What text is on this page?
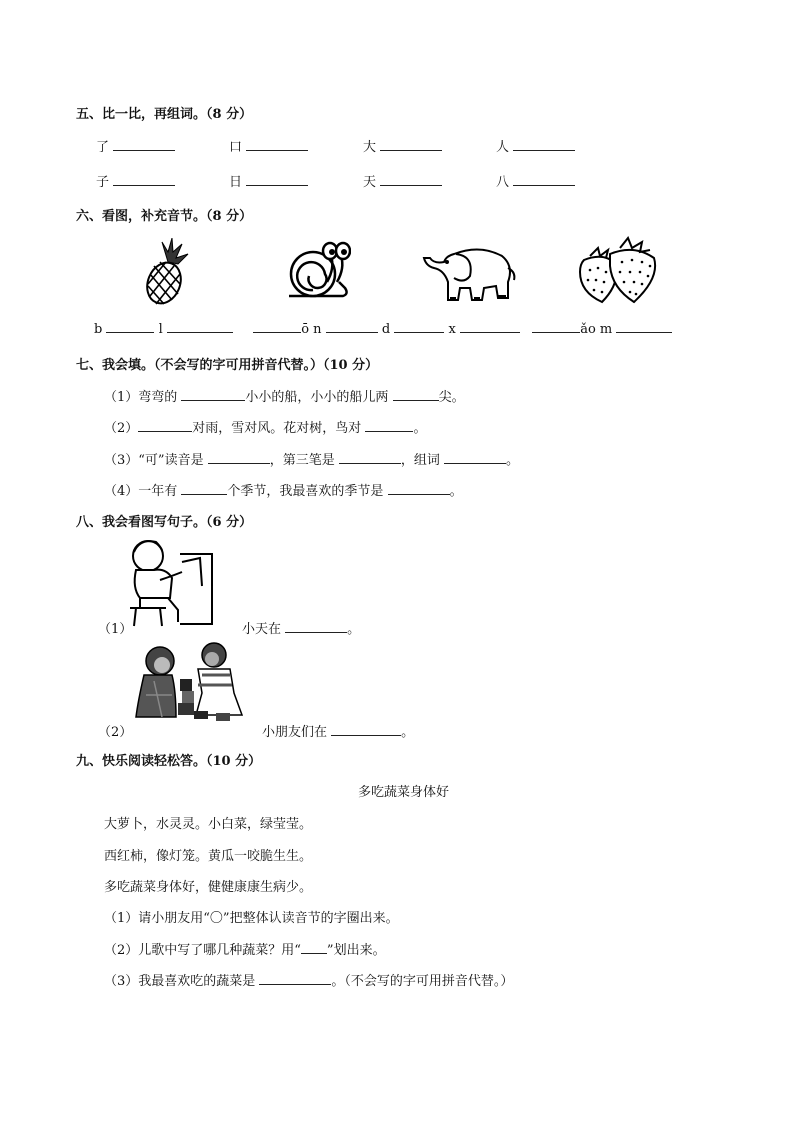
五、比一比，再组词。（8 分）
了	口	大	人
子	日	天	八
六、看图，补充音节。（8 分）
b	l	ō n	d	x	ǎo m
七、我会填。（不会写的字可用拼音代替。）（10 分）
（1）弯弯的	小小的船，小小的船儿两	尖。
（2）	对雨，雪对风。花对树，鸟对	。
（3）“可”读音是	，第三笔是	，组词	。
（4）一年有	个季节，我最喜欢的季节是	。
八、我会看图写句子。（6 分）
（1）	小天在	。
（2）	小朋友们在	。
九、快乐阅读轻松答。（10 分）
多吃蔬菜身体好
大萝卜，水灵灵。小白菜，绿莹莹。
西红柿，像灯笼。黄瓜一咬脆生生。
多吃蔬菜身体好，健健康康生病少。
（1）请小朋友用“〇”把整体认读音节的字圈出来。
（2）儿歌中写了哪几种蔬菜？用“ ”划出来。
（3）我最喜欢吃的蔬菜是	。（不会写的字可用拼音代替。）
